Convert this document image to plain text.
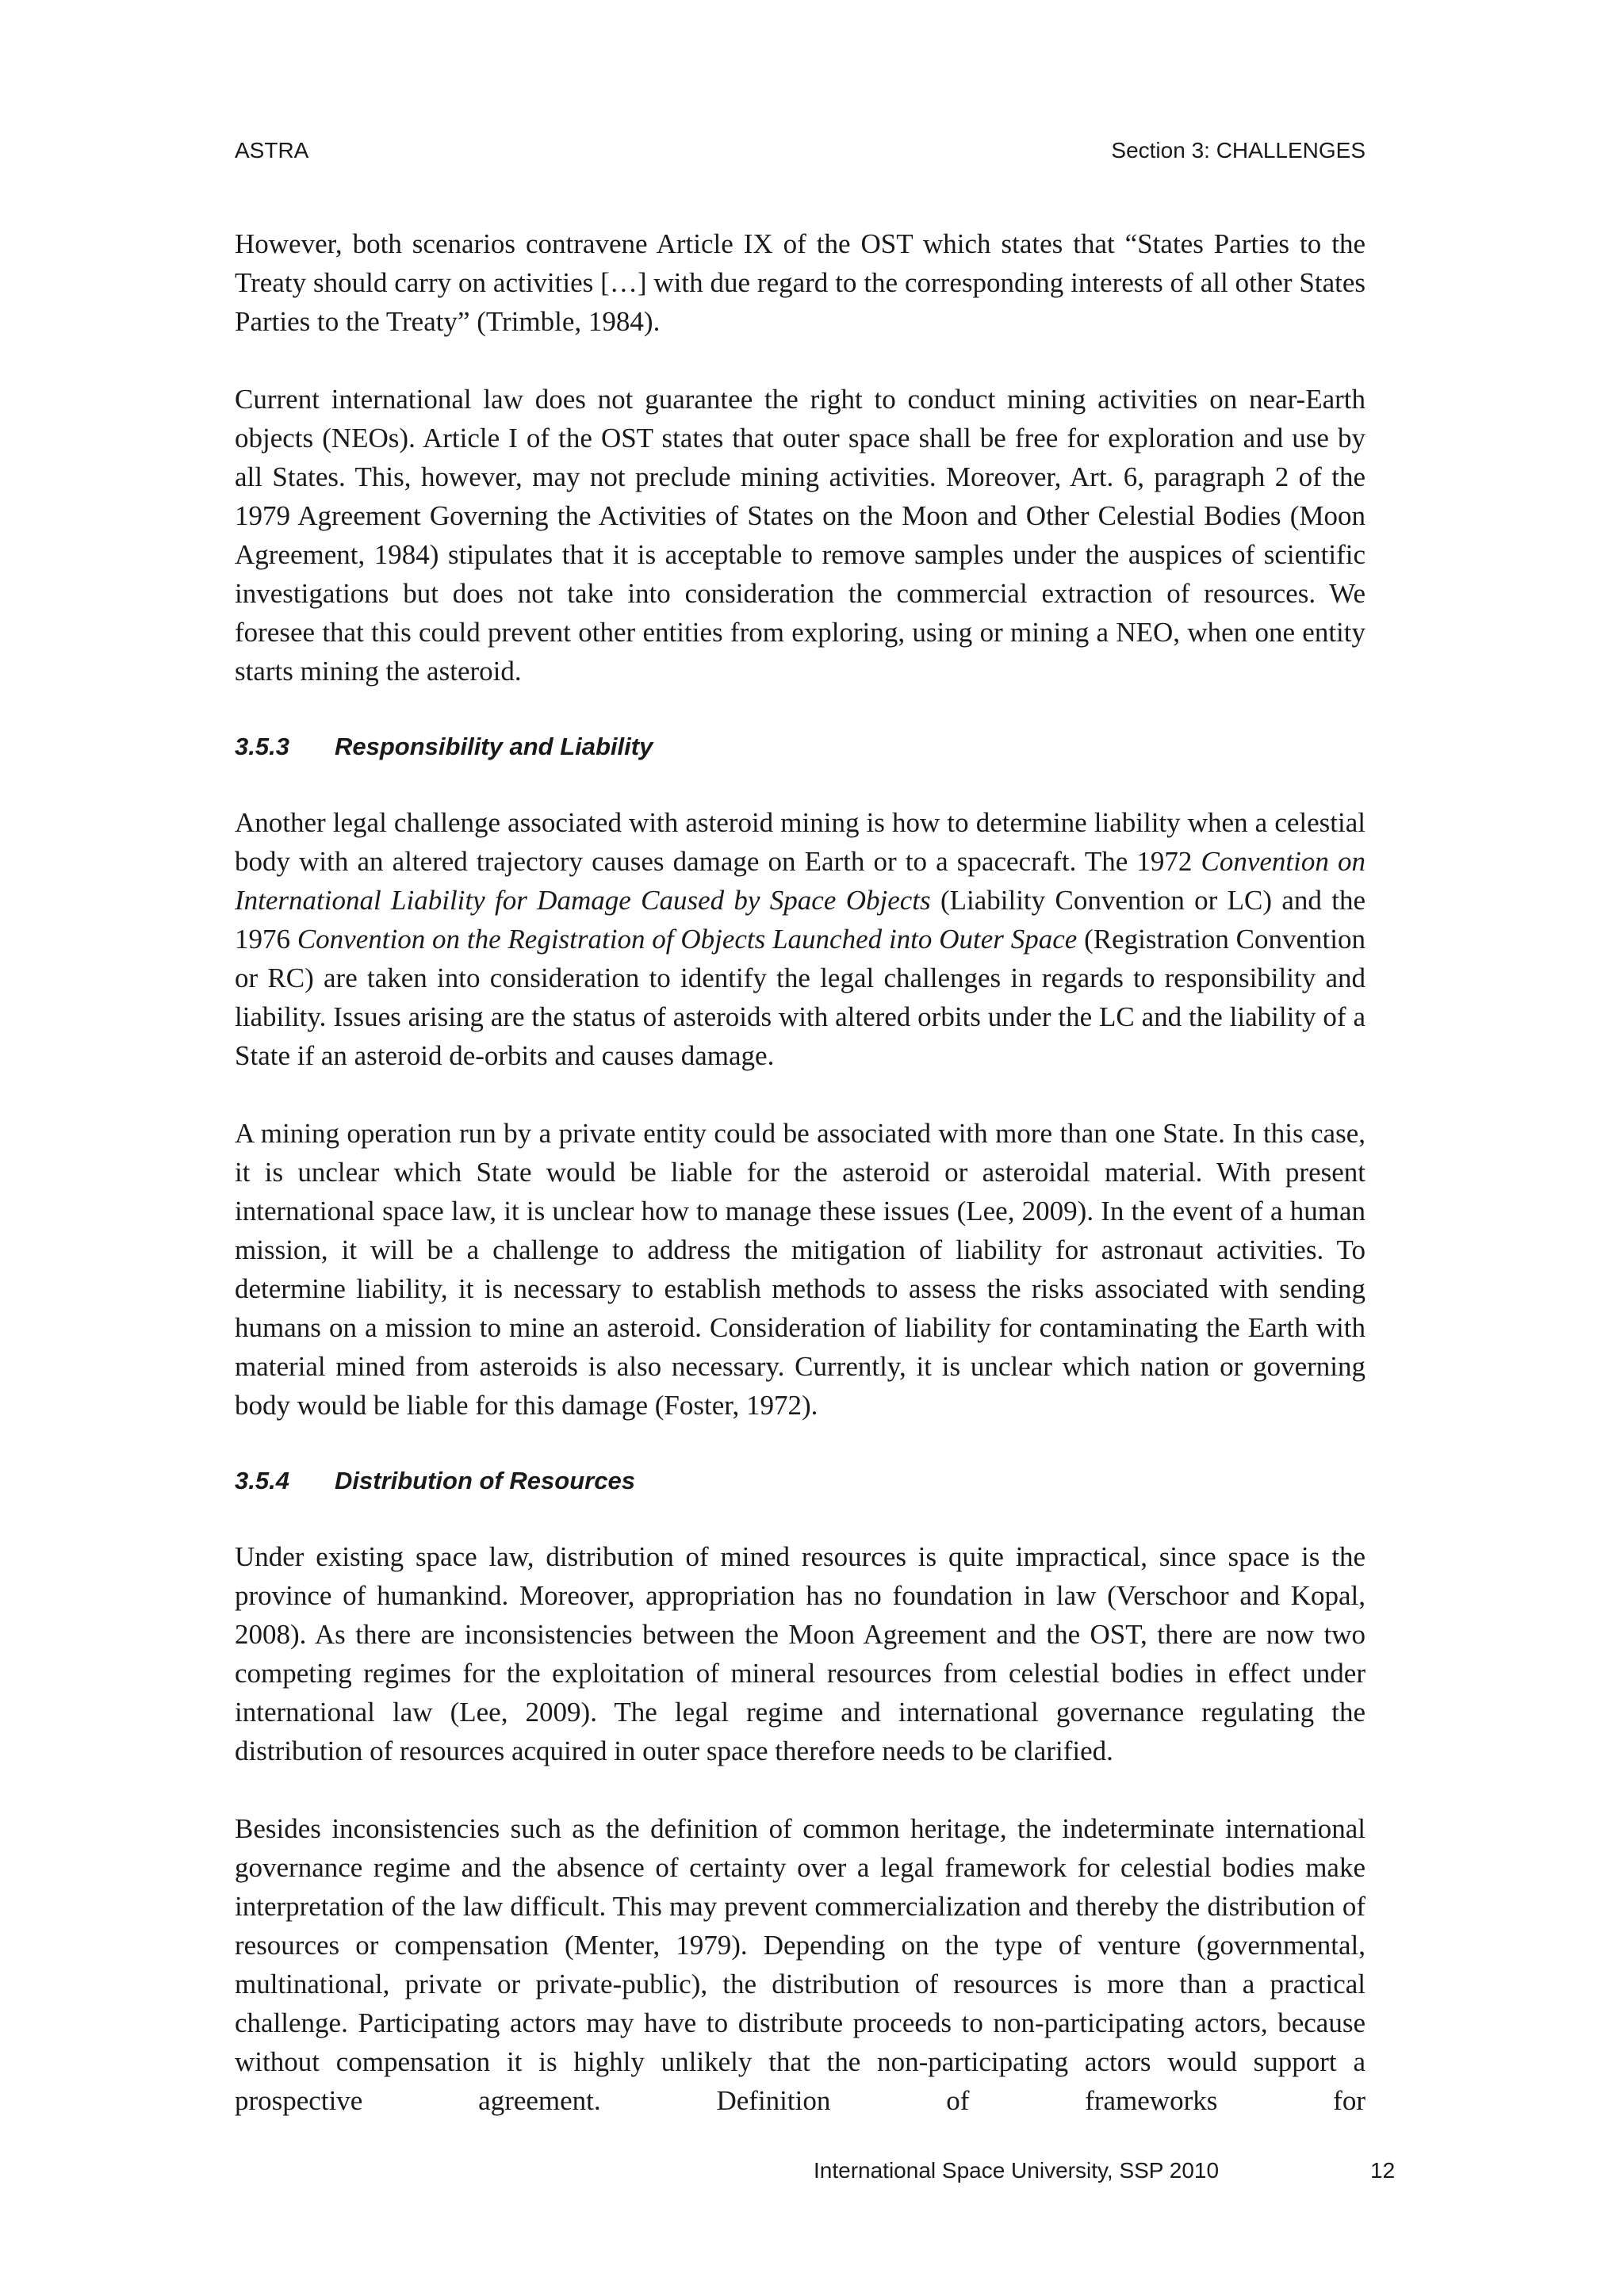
ASTRA	Section 3: CHALLENGES

However, both scenarios contravene Article IX of the OST which states that “States Parties to the Treaty should carry on activities […] with due regard to the corresponding interests of all other States Parties to the Treaty” (Trimble, 1984).

Current international law does not guarantee the right to conduct mining activities on near-Earth objects (NEOs). Article I of the OST states that outer space shall be free for exploration and use by all States. This, however, may not preclude mining activities. Moreover, Art. 6, paragraph 2 of the 1979 Agreement Governing the Activities of States on the Moon and Other Celestial Bodies (Moon Agreement, 1984) stipulates that it is acceptable to remove samples under the auspices of scientific investigations but does not take into consideration the commercial extraction of resources. We foresee that this could prevent other entities from exploring, using or mining a NEO, when one entity starts mining the asteroid.

3.5.3	Responsibility and Liability

Another legal challenge associated with asteroid mining is how to determine liability when a celestial body with an altered trajectory causes damage on Earth or to a spacecraft. The 1972 Convention on International Liability for Damage Caused by Space Objects (Liability Convention or LC) and the 1976 Convention on the Registration of Objects Launched into Outer Space (Registration Convention or RC) are taken into consideration to identify the legal challenges in regards to responsibility and liability. Issues arising are the status of asteroids with altered orbits under the LC and the liability of a State if an asteroid de-orbits and causes damage.

A mining operation run by a private entity could be associated with more than one State. In this case, it is unclear which State would be liable for the asteroid or asteroidal material. With present international space law, it is unclear how to manage these issues (Lee, 2009). In the event of a human mission, it will be a challenge to address the mitigation of liability for astronaut activities. To determine liability, it is necessary to establish methods to assess the risks associated with sending humans on a mission to mine an asteroid. Consideration of liability for contaminating the Earth with material mined from asteroids is also necessary. Currently, it is unclear which nation or governing body would be liable for this damage (Foster, 1972).

3.5.4	Distribution of Resources

Under existing space law, distribution of mined resources is quite impractical, since space is the province of humankind. Moreover, appropriation has no foundation in law (Verschoor and Kopal, 2008). As there are inconsistencies between the Moon Agreement and the OST, there are now two competing regimes for the exploitation of mineral resources from celestial bodies in effect under international law (Lee, 2009). The legal regime and international governance regulating the distribution of resources acquired in outer space therefore needs to be clarified.

Besides inconsistencies such as the definition of common heritage, the indeterminate international governance regime and the absence of certainty over a legal framework for celestial bodies make interpretation of the law difficult. This may prevent commercialization and thereby the distribution of resources or compensation (Menter, 1979). Depending on the type of venture (governmental, multinational, private or private-public), the distribution of resources is more than a practical challenge. Participating actors may have to distribute proceeds to non-participating actors, because without compensation it is highly unlikely that the non-participating actors would support a prospective agreement. Definition of frameworks for

International Space University, SSP 2010	12
